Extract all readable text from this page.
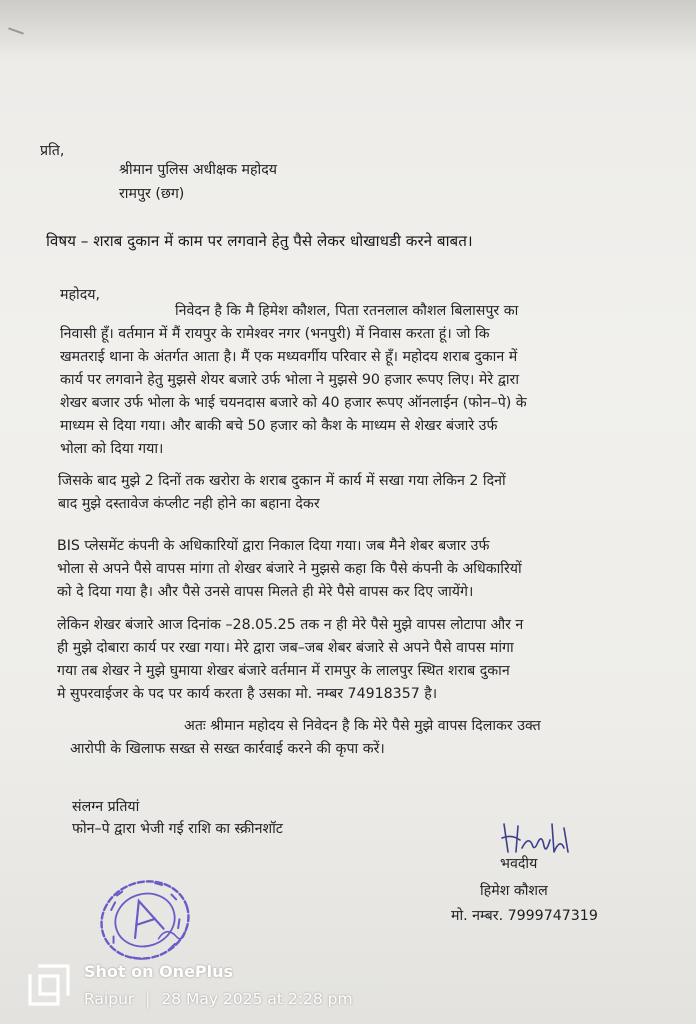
प्रति,
श्रीमान पुलिस अधीक्षक महोदय
रामपुर (छग)
विषय – शराब दुकान में काम पर लगवाने हेतु पैसे लेकर धोखाधडी करने बाबत।
महोदय,
निवेदन है कि मै हिमेश कौशल, पिता रतनलाल कौशल बिलासपुर का
निवासी हूँ। वर्तमान में मैं रायपुर के रामेश्वर नगर (भनपुरी) में निवास करता हूं। जो कि
खमतराई थाना के अंतर्गत आता है। मैं एक मध्यवर्गीय परिवार से हूँ। महोदय शराब दुकान में
कार्य पर लगवाने हेतु मुझसे शेयर बजारे उर्फ भोला ने मुझसे 90 हजार रूपए लिए। मेरे द्वारा
शेखर बजार उर्फ भोला के भाई चयनदास बजारे को 40 हजार रूपए ऑनलाईन (फोन–पे) के
माध्यम से दिया गया। और बाकी बचे 50 हजार को कैश के माध्यम से शेखर बंजारे उर्फ
भोला को दिया गया।
जिसके बाद मुझे 2 दिनों तक खरोरा के शराब दुकान में कार्य में सखा गया लेकिन 2 दिनों
बाद मुझे दस्तावेज कंप्लीट नही होने का बहाना देकर
BIS प्लेसमेंट कंपनी के अधिकारियों द्वारा निकाल दिया गया। जब मैने शेबर बजार उर्फ
भोला से अपने पैसे वापस मांगा तो शेखर बंजारे ने मुझसे कहा कि पैसे कंपनी के अधिकारियों
को दे दिया गया है। और पैसे उनसे वापस मिलते ही मेरे पैसे वापस कर दिए जायेंगे।
लेकिन शेखर बंजारे आज दिनांक –28.05.25 तक न ही मेरे पैसे मुझे वापस लोटापा और न
ही मुझे दोबारा कार्य पर रखा गया। मेरे द्वारा जब–जब शेबर बंजारे से अपने पैसे वापस मांगा
गया तब शेखर ने मुझे घुमाया शेखर बंजारे वर्तमान में रामपुर के लालपुर स्थित शराब दुकान
मे सुपरवाईजर के पद पर कार्य करता है उसका मो. नम्बर 74918357 है।
अतः श्रीमान महोदय से निवेदन है कि मेरे पैसे मुझे वापस दिलाकर उक्त
आरोपी के खिलाफ सख्त से सख्त कार्रवाई करने की कृपा करें।
संलग्न प्रतियां
फोन–पे द्वारा भेजी गई राशि का स्क्रीनशॉट
भवदीय
हिमेश कौशल
मो. नम्बर. 7999747319
Shot on OnePlus
Raipur | 28 May 2025 at 2:28 pm
